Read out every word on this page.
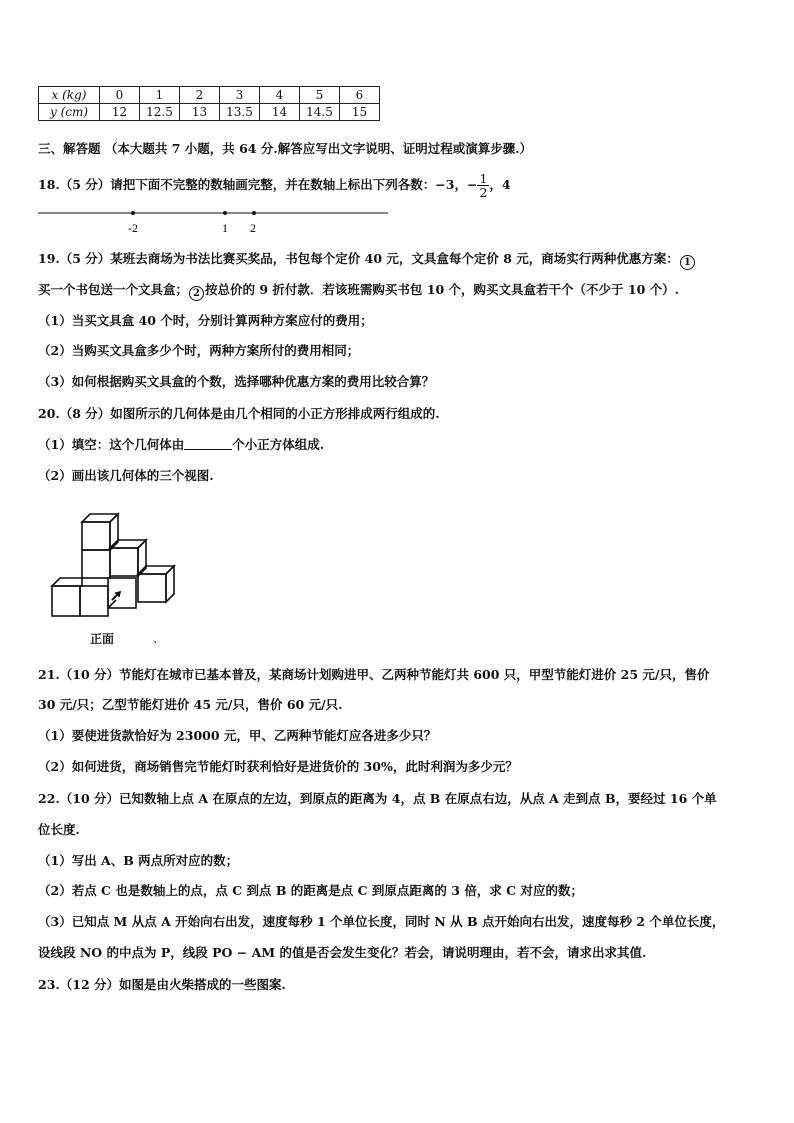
x (kg)	0	1	2	3	4	5	6
y (cm)	12	12.5	13	13.5	14	14.5	15
三、解答题 （本大题共 7 小题，共 64 分.解答应写出文字说明、证明过程或演算步骤.）
18.（5 分）请把下面不完整的数轴画完整，并在数轴上标出下列各数：−3，− $\frac{1}{2}$ ，4
-2	1 2
19.（5 分）某班去商场为书法比赛买奖品，书包每个定价 40 元，文具盒每个定价 8 元，商场实行两种优惠方案： 1
买一个书包送一个文具盒； 2 按总价的 9 折付款．若该班需购买书包 10 个，购买文具盒若干个（不少于 10 个）.
（1）当买文具盒 40 个时，分别计算两种方案应付的费用；
（2）当购买文具盒多少个时，两种方案所付的费用相同；
（3）如何根据购买文具盒的个数，选择哪种优惠方案的费用比较合算？
20.（8 分）如图所示的几何体是由几个相同的小正方形排成两行组成的.
（1）填空：这个几何体由	个小正方体组成.
（2）画出该几何体的三个视图.
正面	、
21.（10 分）节能灯在城市已基本普及，某商场计划购进甲、乙两种节能灯共 600 只，甲型节能灯进价 25 元/只，售价
30 元/只；乙型节能灯进价 45 元/只，售价 60 元/只.
（1）要使进货款恰好为 23000 元，甲、乙两种节能灯应各进多少只？
（2）如何进货，商场销售完节能灯时获利恰好是进货价的 30%，此时利润为多少元？
22.（10 分）已知数轴上点 A 在原点的左边，到原点的距离为 4，点 B 在原点右边，从点 A 走到点 B，要经过 16 个单
位长度.
（1）写出 A、B 两点所对应的数；
（2）若点 C 也是数轴上的点，点 C 到点 B 的距离是点 C 到原点距离的 3 倍，求 C 对应的数；
（3）已知点 M 从点 A 开始向右出发，速度每秒 1 个单位长度，同时 N 从 B 点开始向右出发，速度每秒 2 个单位长度，
设线段 NO 的中点为 P，线段 PO − AM 的值是否会发生变化？若会，请说明理由，若不会，请求出求其值.
23.（12 分）如图是由火柴搭成的一些图案.
